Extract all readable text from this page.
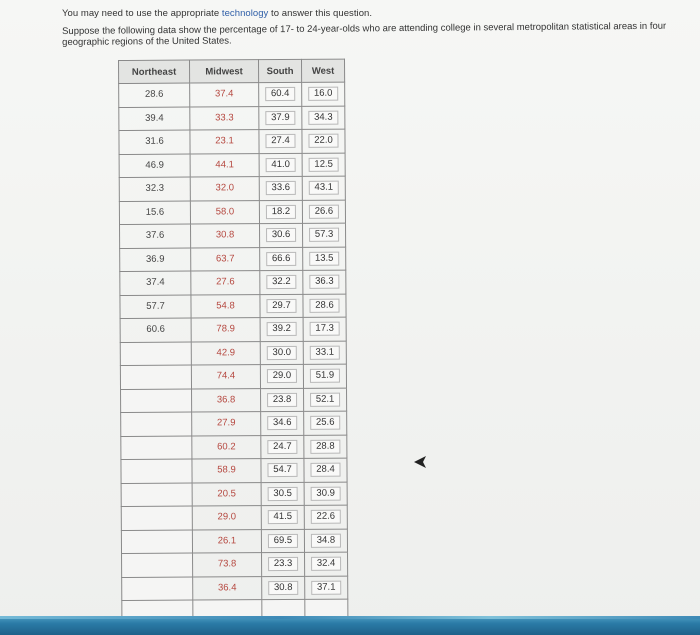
You may need to use the appropriate technology to answer this question.
Suppose the following data show the percentage of 17- to 24-year-olds who are attending college in several metropolitan statistical areas in four geographic regions of the United States.
Northeast	Midwest	South	West
28.6	37.4	60.4	16.0
39.4	33.3	37.9	34.3
31.6	23.1	27.4	22.0
46.9	44.1	41.0	12.5
32.3	32.0	33.6	43.1
15.6	58.0	18.2	26.6
37.6	30.8	30.6	57.3
36.9	63.7	66.6	13.5
37.4	27.6	32.2	36.3
57.7	54.8	29.7	28.6
60.6	78.9	39.2	17.3
	42.9	30.0	33.1
	74.4	29.0	51.9
	36.8	23.8	52.1
	27.9	34.6	25.6
	60.2	24.7	28.8
	58.9	54.7	28.4
	20.5	30.5	30.9
	29.0	41.5	22.6
	26.1	69.5	34.8
	73.8	23.3	32.4
	36.4	30.8	37.1
